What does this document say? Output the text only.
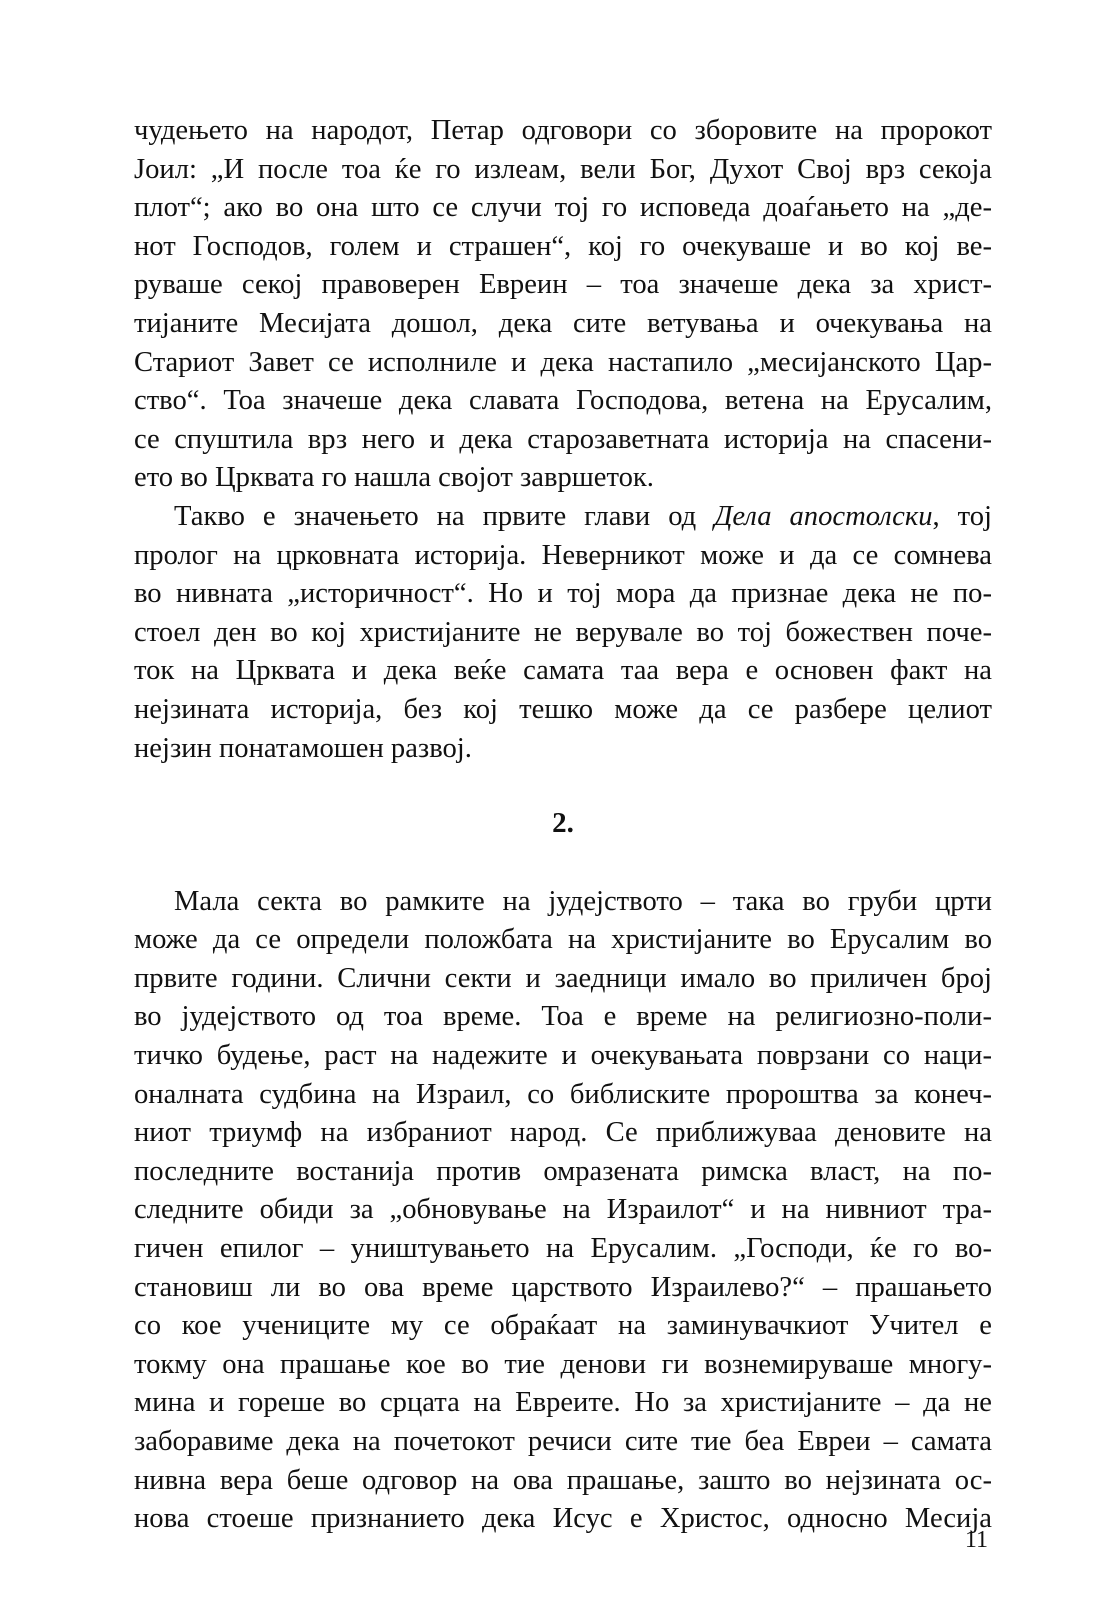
чудењето на народот, Петар одговори со зборовите на пророкот
Јоил: „И после тоа ќе го излеам, вели Бог, Духот Свој врз секоја
плот“; ако во она што се случи тој го исповеда доаѓањето на „де-
нот Господов, голем и страшен“, кој го очекуваше и во кој ве-
руваше секој правоверен Евреин – тоа значеше дека за христ-
тијаните Месијата дошол, дека сите ветувања и очекувања на
Стариот Завет се исполниле и дека настапило „месијанското Цар-
ство“. Тоа значеше дека славата Господова, ветена на Ерусалим,
се спуштила врз него и дека старозаветната историја на спасени-
ето во Црквата го нашла својот завршеток.
Такво е значењето на првите глави од Дела апостолски, тој
пролог на црковната историја. Неверникот може и да се сомнева
во нивната „историчност“. Но и тој мора да признае дека не по-
стоел ден во кој христијаните не верувале во тој божествен поче-
ток на Црквата и дека веќе самата таа вера е основен факт на
нејзината историја, без кој тешко може да се разбере целиот
нејзин понатамошен развој.
2.
Мала секта во рамките на јудејството – така во груби црти
може да се определи положбата на христијаните во Ерусалим во
првите години. Слични секти и заедници имало во приличен број
во јудејството од тоа време. Тоа е време на религиозно-поли-
тичко будење, раст на надежите и очекувањата поврзани со наци-
оналната судбина на Израил, со библиските пророштва за конеч-
ниот триумф на избраниот народ. Се приближуваа деновите на
последните востанија против омразената римска власт, на по-
следните обиди за „обновување на Израилот“ и на нивниот тра-
гичен епилог – уништувањето на Ерусалим. „Господи, ќе го во-
становиш ли во ова време царството Израилево?“ – прашањето
со кое учениците му се обраќаат на заминувачкиот Учител е
токму она прашање кое во тие денови ги вознемируваше многу-
мина и гореше во срцата на Евреите. Но за христијаните – да не
заборавиме дека на почетокот речиси сите тие беа Евреи – самата
нивна вера беше одговор на ова прашање, зашто во нејзината ос-
нова стоеше признанието дека Исус е Христос, односно Месија
11
